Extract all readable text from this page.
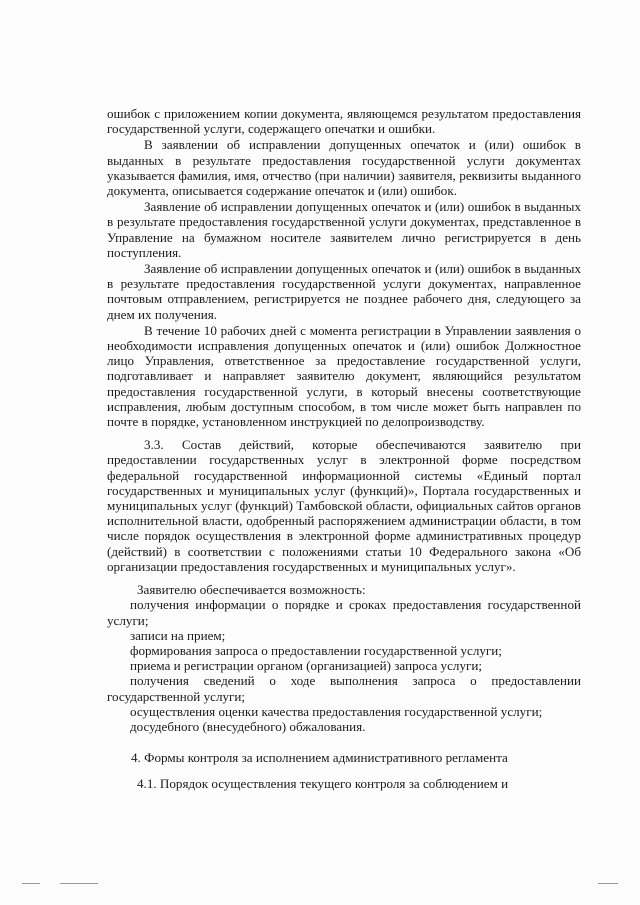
ошибок с приложением копии документа, являющемся результатом предоставления государственной услуги, содержащего опечатки и ошибки.

В заявлении об исправлении допущенных опечаток и (или) ошибок в выданных в результате предоставления государственной услуги документах указывается фамилия, имя, отчество (при наличии) заявителя, реквизиты выданного документа, описывается содержание опечаток и (или) ошибок.

Заявление об исправлении допущенных опечаток и (или) ошибок в выданных в результате предоставления государственной услуги документах, представленное в Управление на бумажном носителе заявителем лично регистрируется в день поступления.

Заявление об исправлении допущенных опечаток и (или) ошибок в выданных в результате предоставления государственной услуги документах, направленное почтовым отправлением, регистрируется не позднее рабочего дня, следующего за днем их получения.

В течение 10 рабочих дней с момента регистрации в Управлении заявления о необходимости исправления допущенных опечаток и (или) ошибок Должностное лицо Управления, ответственное за предоставление государственной услуги, подготавливает и направляет заявителю документ, являющийся результатом предоставления государственной услуги, в который внесены соответствующие исправления, любым доступным способом, в том числе может быть направлен по почте в порядке, установленном инструкцией по делопроизводству.

3.3. Состав действий, которые обеспечиваются заявителю при предоставлении государственных услуг в электронной форме посредством федеральной государственной информационной системы «Единый портал государственных и муниципальных услуг (функций)», Портала государственных и муниципальных услуг (функций) Тамбовской области, официальных сайтов органов исполнительной власти, одобренный распоряжением администрации области, в том числе порядок осуществления в электронной форме административных процедур (действий) в соответствии с положениями статьи 10 Федерального закона «Об организации предоставления государственных и муниципальных услуг».

Заявителю обеспечивается возможность:

получения информации о порядке и сроках предоставления государственной услуги;

записи на прием;

формирования запроса о предоставлении государственной услуги;

приема и регистрации органом (организацией) запроса услуги;

получения сведений о ходе выполнения запроса о предоставлении государственной услуги;

осуществления оценки качества предоставления государственной услуги;

досудебного (внесудебного) обжалования.

4. Формы контроля за исполнением административного регламента

4.1. Порядок осуществления текущего контроля за соблюдением и
